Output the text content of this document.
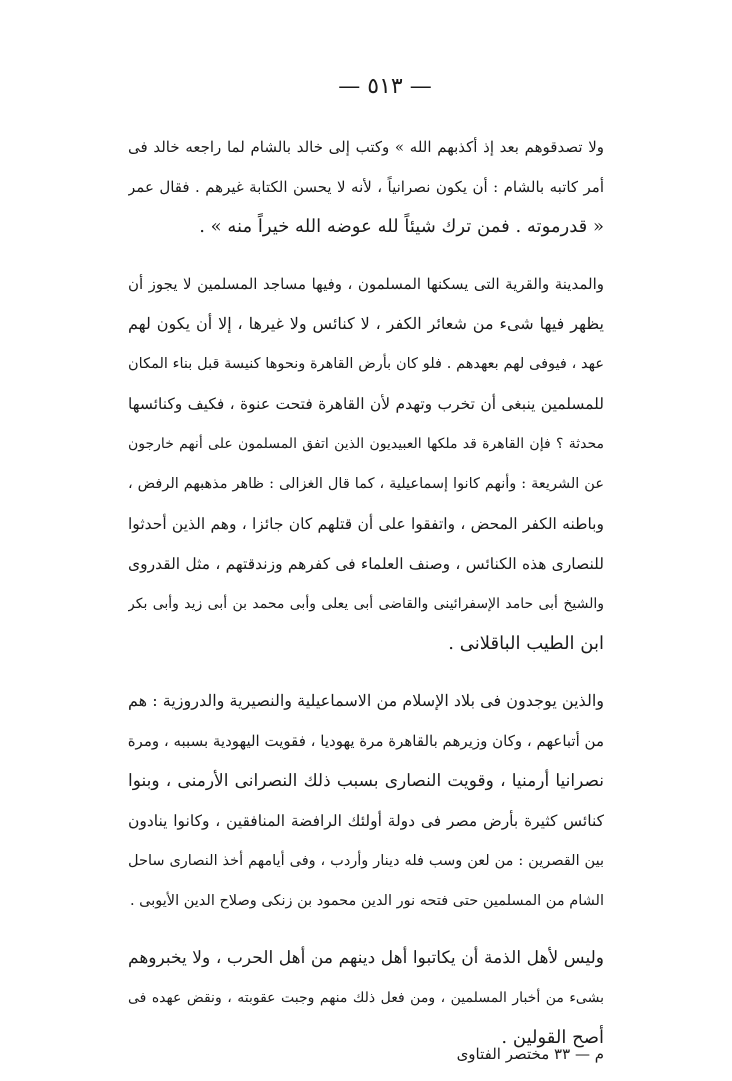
— ٥١٣ —

ولا تصدقوهم بعد إذ أكذبهم الله » وكتب إلى خالد بالشام لما راجعه خالد فى
أمر كاتبه بالشام : أن يكون نصرانياً ، لأنه لا يحسن الكتابة غيرهم . فقال عمر
« قدرموته . فمن ترك شيئاً لله عوضه الله خيراً منه » .

والمدينة والقرية التى يسكنها المسلمون ، وفيها مساجد المسلمين لا يجوز أن
يظهر فيها شىء من شعائر الكفر ، لا كنائس ولا غيرها ، إلا أن يكون لهم
عهد ، فيوفى لهم بعهدهم . فلو كان بأرض القاهرة ونحوها كنيسة قبل بناء المكان
للمسلمين ينبغى أن تخرب وتهدم لأن القاهرة فتحت عنوة ، فكيف وكنائسها
محدثة ؟ فإن القاهرة قد ملكها العبيديون الذين اتفق المسلمون على أنهم خارجون
عن الشريعة : وأنهم كانوا إسماعيلية ، كما قال الغزالى : ظاهر مذهبهم الرفض ،
وباطنه الكفر المحض ، واتفقوا على أن قتلهم كان جائزا ، وهم الذين أحدثوا
للنصارى هذه الكنائس ، وصنف العلماء فى كفرهم وزندقتهم ، مثل القدروى
والشيخ أبى حامد الإسفرائينى والقاضى أبى يعلى وأبى محمد بن أبى زيد وأبى بكر
ابن الطيب الباقلانى .

والذين يوجدون فى بلاد الإسلام من الاسماعيلية والنصيرية والدروزية : هم
من أتباعهم ، وكان وزيرهم بالقاهرة مرة يهوديا ، فقويت اليهودية بسببه ، ومرة
نصرانيا أرمنيا ، وقويت النصارى بسبب ذلك النصرانى الأرمنى ، وبنوا
كنائس كثيرة بأرض مصر فى دولة أولئك الرافضة المنافقين ، وكانوا ينادون
بين القصرين : من لعن وسب فله دينار وأردب ، وفى أيامهم أخذ النصارى ساحل
الشام من المسلمين حتى فتحه نور الدين محمود بن زنكى وصلاح الدين الأيوبى .

وليس لأهل الذمة أن يكاتبوا أهل دينهم من أهل الحرب ، ولا يخبروهم
بشىء من أخبار المسلمين ، ومن فعل ذلك منهم وجبت عقوبته ، ونقض عهده فى
أصح القولين .

م — ٣٣ مختصر الفتاوى
